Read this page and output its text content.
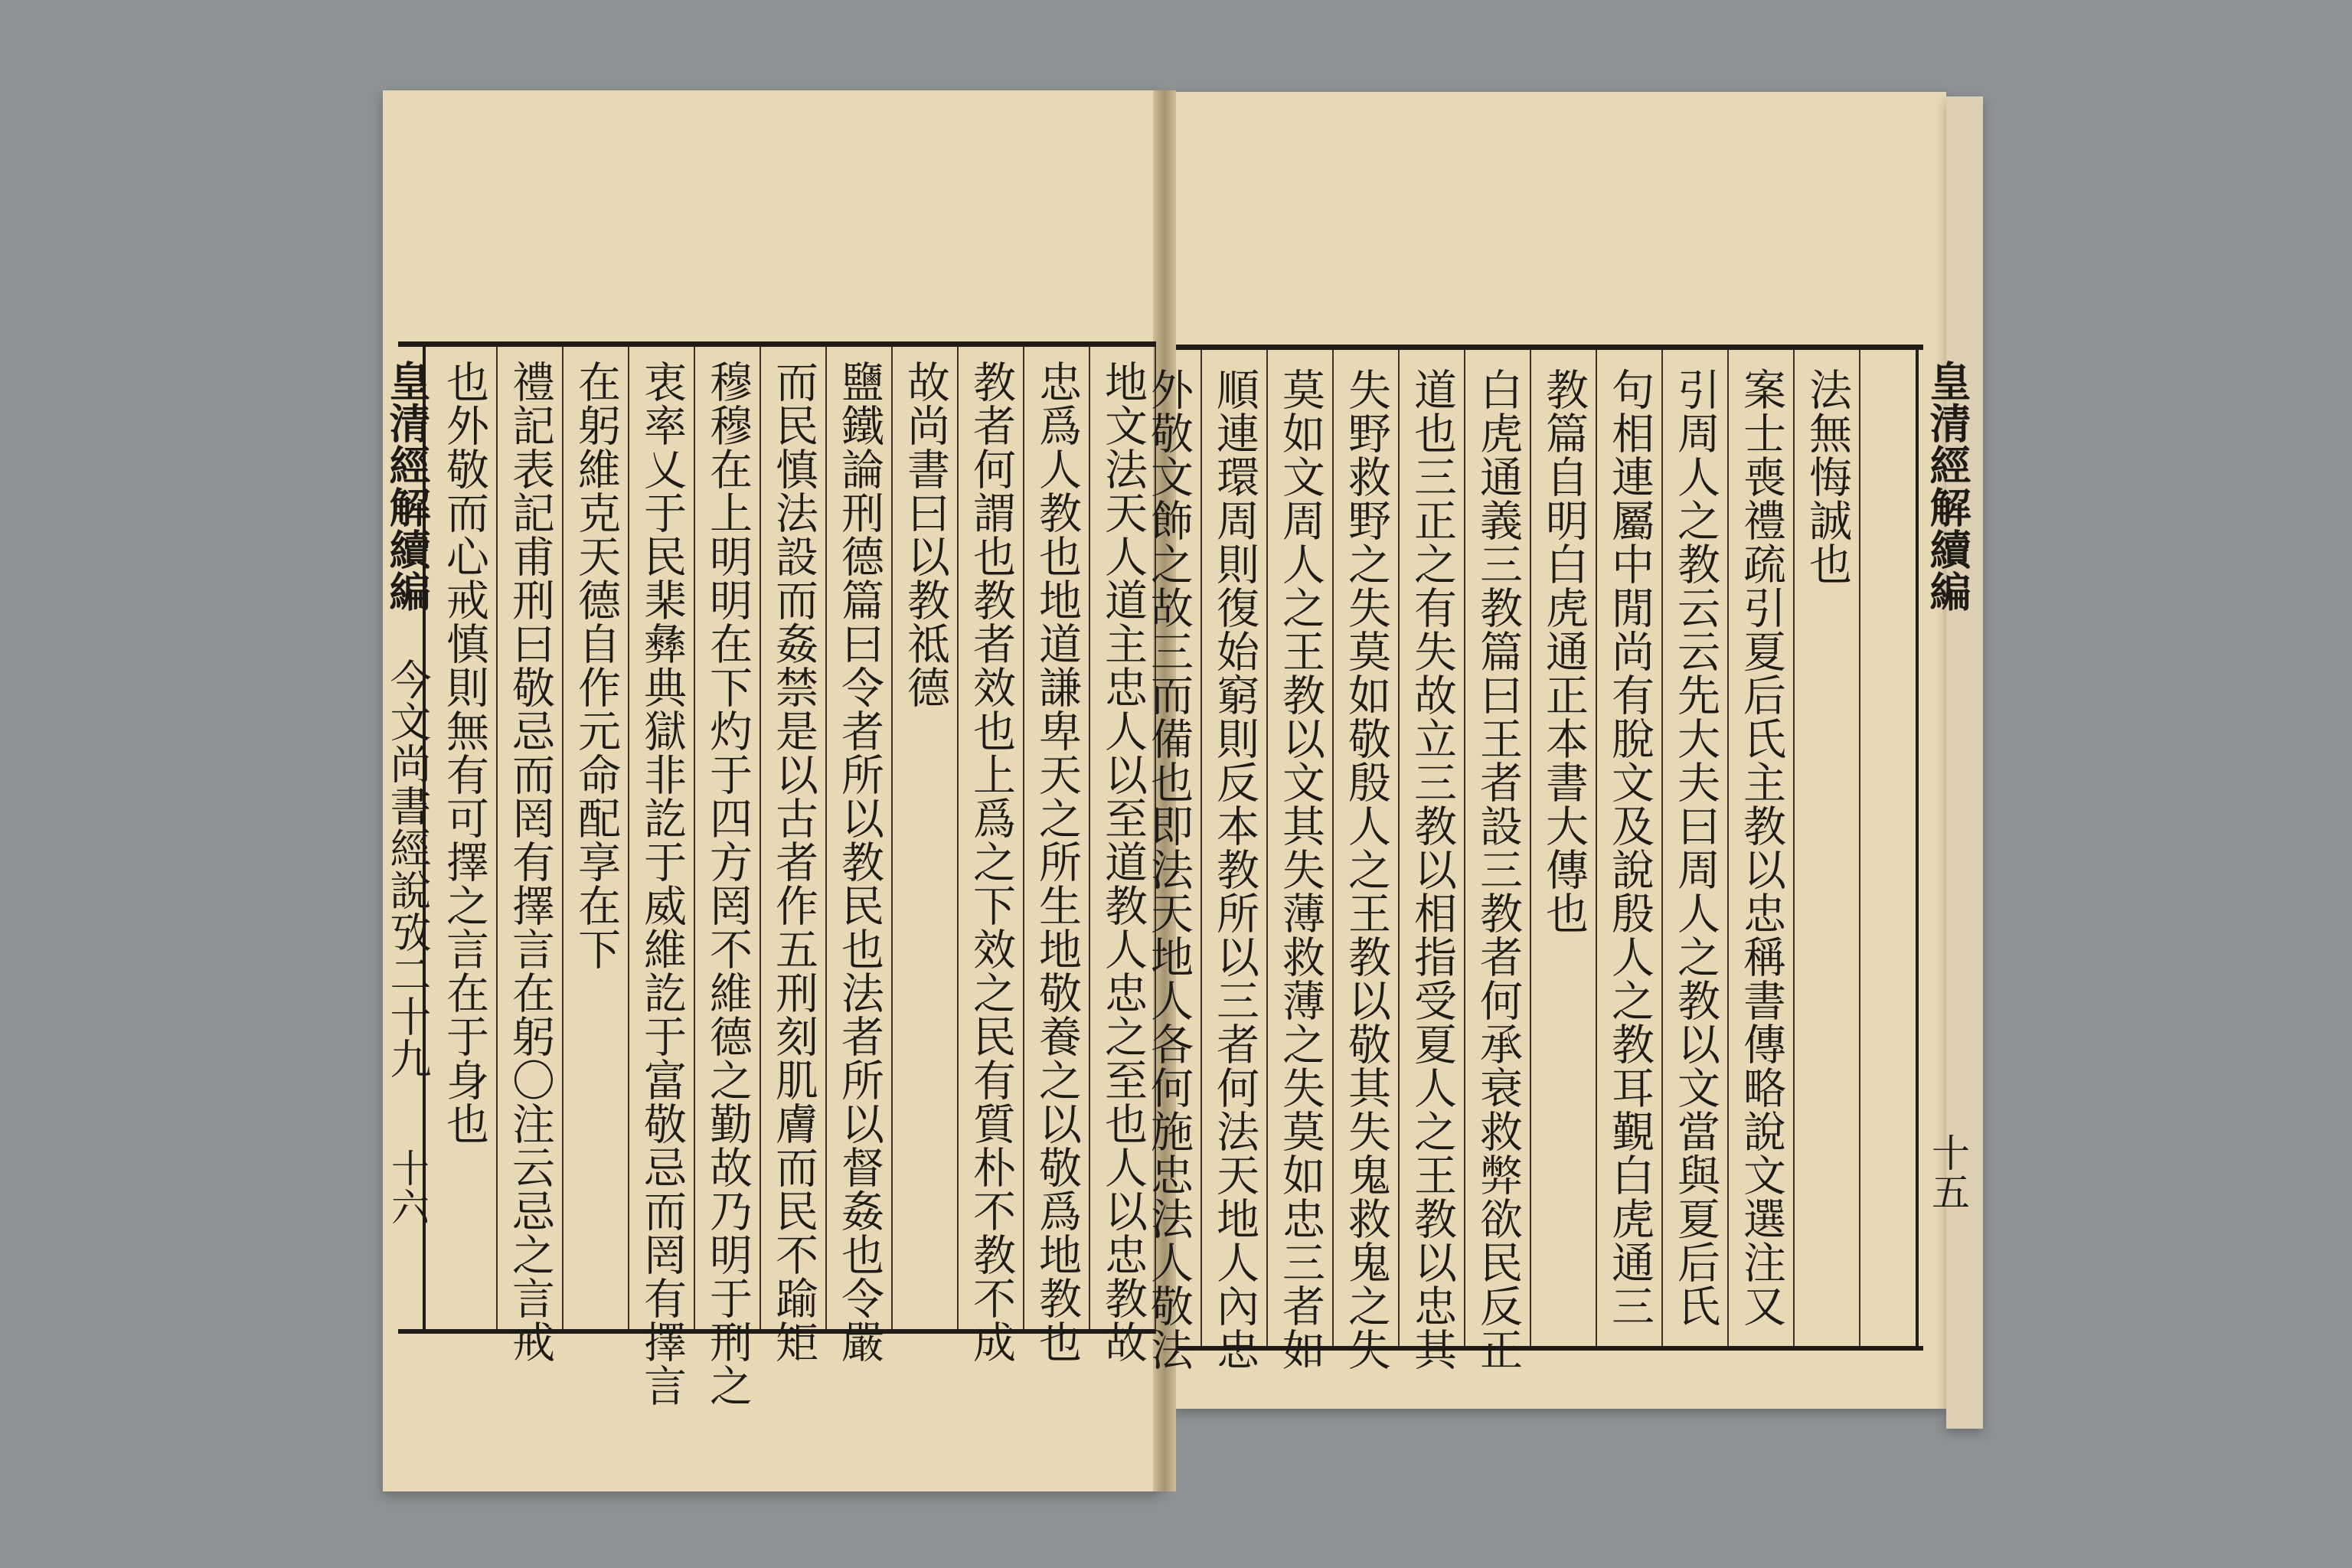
地文法天人道主忠人以至道教人忠之至也人以忠教故
忠爲人教也地道謙卑天之所生地敬養之以敬爲地教也
教者何謂也教者效也上爲之下效之民有質朴不教不成
故尚書曰以教祗德
鹽鐵論刑德篇曰令者所以教民也法者所以督姦也令嚴
而民慎法設而姦禁是以古者作五刑刻肌膚而民不踰矩
穆穆在上明明在下灼于四方罔不維德之勤故乃明于刑之
衷率乂于民棐彝典獄非訖于威維訖于富敬忌而罔有擇言
在躬維克天德自作元命配享在下
禮記表記甫刑曰敬忌而罔有擇言在躬〇注云忌之言戒
也外敬而心戒慎則無有可擇之言在于身也	法無悔誠也
案士喪禮疏引夏后氏主教以忠稱書傳略說文選注又
引周人之教云云先大夫曰周人之教以文當與夏后氏
句相連屬中閒尚有脫文及說殷人之教耳覲白虎通三
教篇自明白虎通正本書大傳也
白虎通義三教篇曰王者設三教者何承衰救弊欲民反正
道也三正之有失故立三教以相指受夏人之王教以忠其
失野救野之失莫如敬殷人之王教以敬其失鬼救鬼之失
莫如文周人之王教以文其失薄救薄之失莫如忠三者如
順連環周則復始窮則反本教所以三者何法天地人內忠
外敬文飾之故三而備也即法天地人各何施忠法人敬法
皇清經解續編
今文尚書經說攷二十九
十六
皇清經解續編
十五
